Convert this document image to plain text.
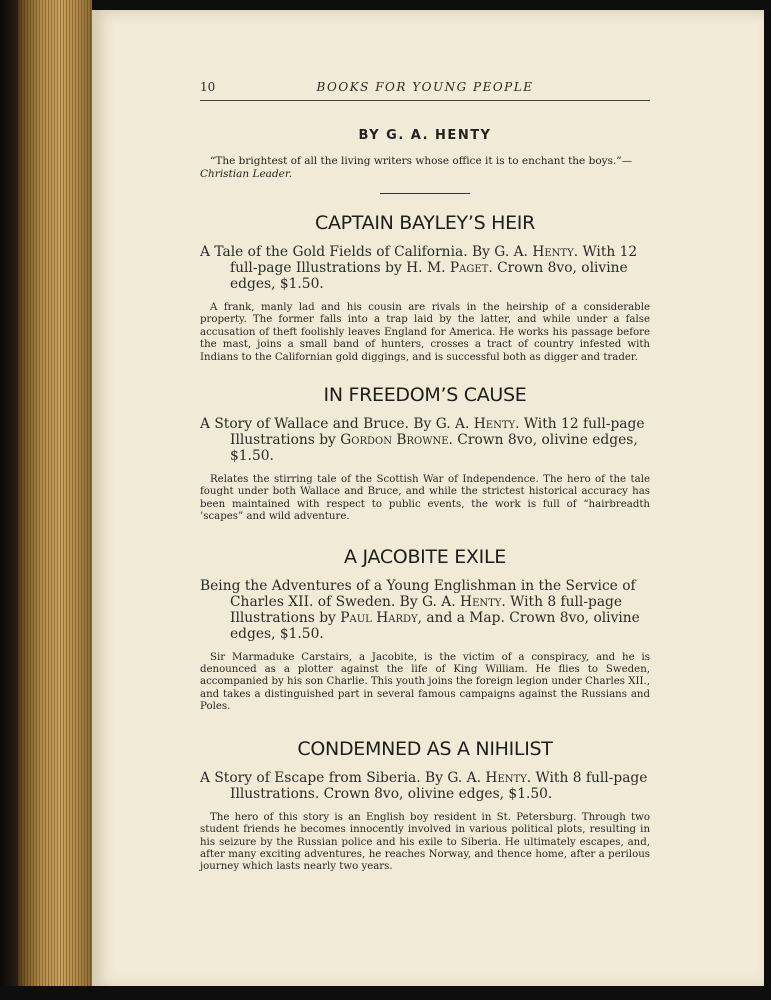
10	BOOKS FOR YOUNG PEOPLE

BY G. A. HENTY

“The brightest of all the living writers whose office it is to enchant the boys.”—Christian Leader.

CAPTAIN BAYLEY’S HEIR

A Tale of the Gold Fields of California. By G. A. Henty. With 12 full-page Illustrations by H. M. Paget. Crown 8vo, olivine edges, $1.50.

A frank, manly lad and his cousin are rivals in the heirship of a considerable property. The former falls into a trap laid by the latter, and while under a false accusation of theft foolishly leaves England for America. He works his passage before the mast, joins a small band of hunters, crosses a tract of country infested with Indians to the Californian gold diggings, and is successful both as digger and trader.

IN FREEDOM’S CAUSE

A Story of Wallace and Bruce. By G. A. Henty. With 12 full-page Illustrations by Gordon Browne. Crown 8vo, olivine edges, $1.50.

Relates the stirring tale of the Scottish War of Independence. The hero of the tale fought under both Wallace and Bruce, and while the strictest historical accuracy has been maintained with respect to public events, the work is full of “hairbreadth ’scapes” and wild adventure.

A JACOBITE EXILE

Being the Adventures of a Young Englishman in the Service of Charles XII. of Sweden. By G. A. Henty. With 8 full-page Illustrations by Paul Hardy, and a Map. Crown 8vo, olivine edges, $1.50.

Sir Marmaduke Carstairs, a Jacobite, is the victim of a conspiracy, and he is denounced as a plotter against the life of King William. He flies to Sweden, accompanied by his son Charlie. This youth joins the foreign legion under Charles XII., and takes a distinguished part in several famous campaigns against the Russians and Poles.

CONDEMNED AS A NIHILIST

A Story of Escape from Siberia. By G. A. Henty. With 8 full-page Illustrations. Crown 8vo, olivine edges, $1.50.

The hero of this story is an English boy resident in St. Petersburg. Through two student friends he becomes innocently involved in various political plots, resulting in his seizure by the Russian police and his exile to Siberia. He ultimately escapes, and, after many exciting adventures, he reaches Norway, and thence home, after a perilous journey which lasts nearly two years.
